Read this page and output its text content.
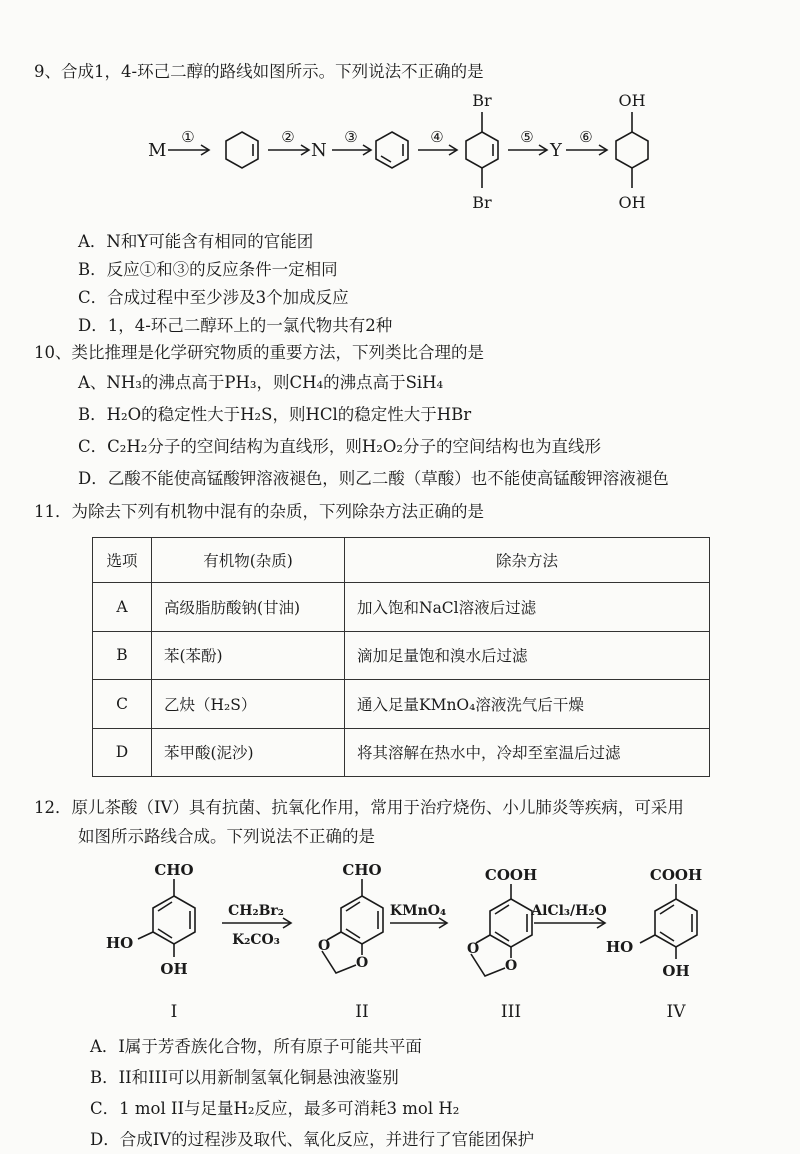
9、合成1，4-环己二醇的路线如图所示。下列说法不正确的是
M
①	②
N
③	④
Br
Br
⑤
Y
⑥
OH
OH
A．N和Y可能含有相同的官能团
B．反应①和③的反应条件一定相同
C．合成过程中至少涉及3个加成反应
D．1，4-环己二醇环上的一氯代物共有2种
10、类比推理是化学研究物质的重要方法，下列类比合理的是
A、NH₃的沸点高于PH₃，则CH₄的沸点高于SiH₄
B．H₂O的稳定性大于H₂S，则HCl的稳定性大于HBr
C．C₂H₂分子的空间结构为直线形，则H₂O₂分子的空间结构也为直线形
D．乙酸不能使高锰酸钾溶液褪色，则乙二酸（草酸）也不能使高锰酸钾溶液褪色
11．为除去下列有机物中混有的杂质，下列除杂方法正确的是
选项	有机物(杂质)	除杂方法
A	高级脂肪酸钠(甘油)	加入饱和NaCl溶液后过滤
B	苯(苯酚)	滴加足量饱和溴水后过滤
C	乙炔（H₂S）	通入足量KMnO₄溶液洗气后干燥
D	苯甲酸(泥沙)	将其溶解在热水中，冷却至室温后过滤
12．原儿茶酸（IV）具有抗菌、抗氧化作用，常用于治疗烧伤、小儿肺炎等疾病，可采用
如图所示路线合成。下列说法不正确的是
CHO
HO
OH
I
CH₂Br₂
K₂CO₃
CHO
O
O
II
KMnO₄
COOH
O
O
III
AlCl₃/H₂O
COOH
HO
OH
IV
A．I属于芳香族化合物，所有原子可能共平面
B．II和III可以用新制氢氧化铜悬浊液鉴别
C．1 mol II与足量H₂反应，最多可消耗3 mol H₂
D．合成IV的过程涉及取代、氧化反应，并进行了官能团保护
